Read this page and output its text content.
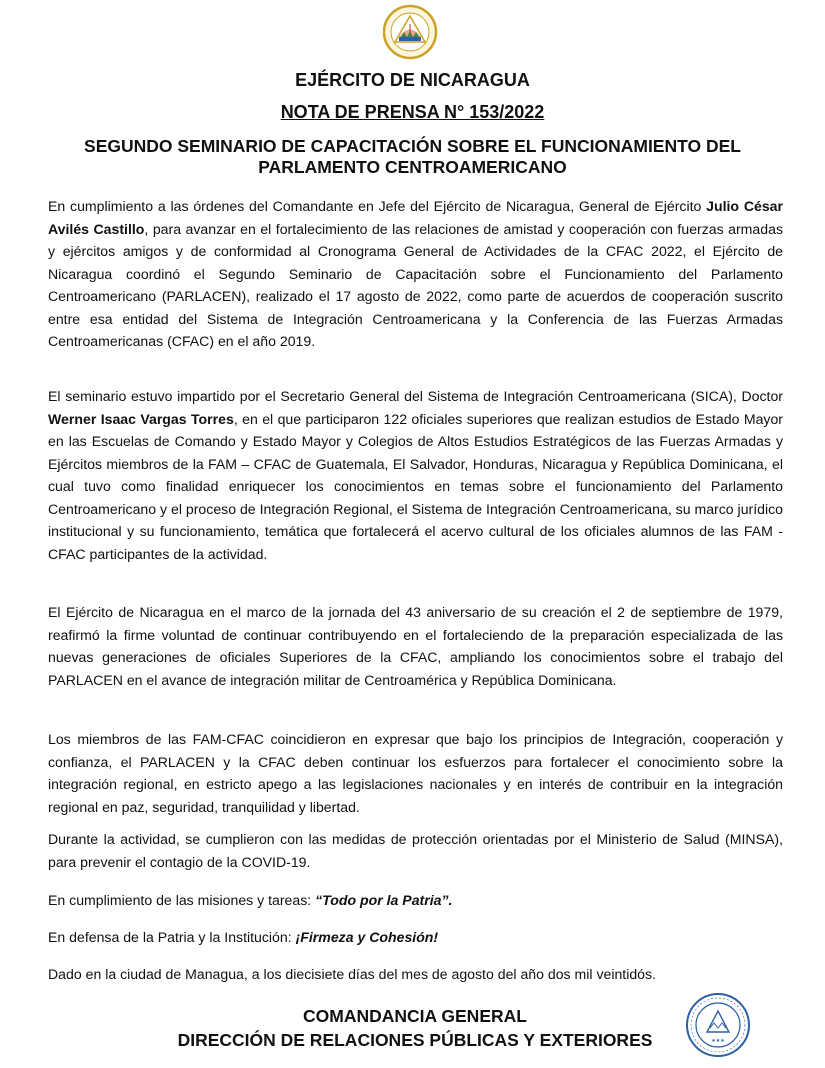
EJÉRCITO DE NICARAGUA
NOTA DE PRENSA N° 153/2022
SEGUNDO SEMINARIO DE CAPACITACIÓN SOBRE EL FUNCIONAMIENTO DEL PARLAMENTO CENTROAMERICANO

En cumplimiento a las órdenes del Comandante en Jefe del Ejército de Nicaragua, General de Ejército Julio César Avilés Castillo, para avanzar en el fortalecimiento de las relaciones de amistad y cooperación con fuerzas armadas y ejércitos amigos y de conformidad al Cronograma General de Actividades de la CFAC 2022, el Ejército de Nicaragua coordinó el Segundo Seminario de Capacitación sobre el Funcionamiento del Parlamento Centroamericano (PARLACEN), realizado el 17 agosto de 2022, como parte de acuerdos de cooperación suscrito entre esa entidad del Sistema de Integración Centroamericana y la Conferencia de las Fuerzas Armadas Centroamericanas (CFAC) en el año 2019.

El seminario estuvo impartido por el Secretario General del Sistema de Integración Centroamericana (SICA), Doctor Werner Isaac Vargas Torres, en el que participaron 122 oficiales superiores que realizan estudios de Estado Mayor en las Escuelas de Comando y Estado Mayor y Colegios de Altos Estudios Estratégicos de las Fuerzas Armadas y Ejércitos miembros de la FAM – CFAC de Guatemala, El Salvador, Honduras, Nicaragua y República Dominicana, el cual tuvo como finalidad enriquecer los conocimientos en temas sobre el funcionamiento del Parlamento Centroamericano y el proceso de Integración Regional, el Sistema de Integración Centroamericana, su marco jurídico institucional y su funcionamiento, temática que fortalecerá el acervo cultural de los oficiales alumnos de las FAM - CFAC participantes de la actividad.

El Ejército de Nicaragua en el marco de la jornada del 43 aniversario de su creación el 2 de septiembre de 1979, reafirmó la firme voluntad de continuar contribuyendo en el fortaleciendo de la preparación especializada de las nuevas generaciones de oficiales Superiores de la CFAC, ampliando los conocimientos sobre el trabajo del PARLACEN en el avance de integración militar de Centroamérica y República Dominicana.

Los miembros de las FAM-CFAC coincidieron en expresar que bajo los principios de Integración, cooperación y confianza, el PARLACEN y la CFAC deben continuar los esfuerzos para fortalecer el conocimiento sobre la integración regional, en estricto apego a las legislaciones nacionales y en interés de contribuir en la integración regional en paz, seguridad, tranquilidad y libertad.

Durante la actividad, se cumplieron con las medidas de protección orientadas por el Ministerio de Salud (MINSA), para prevenir el contagio de la COVID-19.

En cumplimiento de las misiones y tareas: “Todo por la Patria”.

En defensa de la Patria y la Institución: ¡Firmeza y Cohesión!

Dado en la ciudad de Managua, a los diecisiete días del mes de agosto del año dos mil veintidós.

COMANDANCIA GENERAL
DIRECCIÓN DE RELACIONES PÚBLICAS Y EXTERIORES	★★★
